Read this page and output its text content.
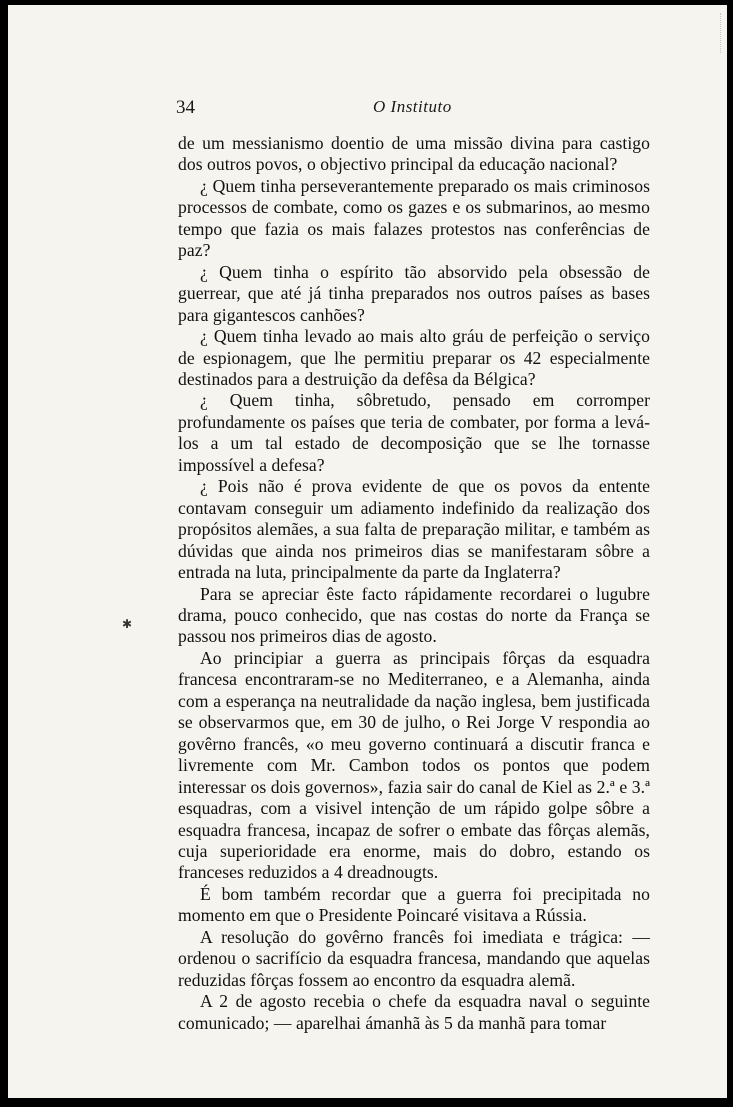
34	O Instituto
✱

de um messianismo doentio de uma missão divina para castigo dos outros povos, o objectivo principal da educação nacional?

¿ Quem tinha perseverantemente preparado os mais criminosos processos de combate, como os gazes e os submarinos, ao mesmo tempo que fazia os mais falazes protestos nas conferências de paz?

¿ Quem tinha o espírito tão absorvido pela obsessão de guerrear, que até já tinha preparados nos outros países as bases para gigantescos canhões?

¿ Quem tinha levado ao mais alto gráu de perfeição o serviço de espionagem, que lhe permitiu preparar os 42 especialmente destinados para a destruição da defêsa da Bélgica?

¿ Quem tinha, sôbretudo, pensado em corromper profundamente os países que teria de combater, por forma a levá-los a um tal estado de decomposição que se lhe tornasse impossível a defesa?

¿ Pois não é prova evidente de que os povos da entente contavam conseguir um adiamento indefinido da realização dos propósitos alemães, a sua falta de preparação militar, e também as dúvidas que ainda nos primeiros dias se manifestaram sôbre a entrada na luta, principalmente da parte da Inglaterra?

Para se apreciar êste facto rápidamente recordarei o lugubre drama, pouco conhecido, que nas costas do norte da França se passou nos primeiros dias de agosto.

Ao principiar a guerra as principais fôrças da esquadra francesa encontraram-se no Mediterraneo, e a Alemanha, ainda com a esperança na neutralidade da nação inglesa, bem justificada se observarmos que, em 30 de julho, o Rei Jorge V respondia ao govêrno francês, «o meu governo continuará a discutir franca e livremente com Mr. Cambon todos os pontos que podem interessar os dois governos», fazia sair do canal de Kiel as 2.ª e 3.ª esquadras, com a visivel intenção de um rápido golpe sôbre a esquadra francesa, incapaz de sofrer o embate das fôrças alemãs, cuja superioridade era enorme, mais do dobro, estando os franceses reduzidos a 4 dreadnougts.

É bom também recordar que a guerra foi precipitada no momento em que o Presidente Poincaré visitava a Rússia.

A resolução do govêrno francês foi imediata e trágica: — ordenou o sacrifício da esquadra francesa, mandando que aquelas reduzidas fôrças fossem ao encontro da esquadra alemã.

A 2 de agosto recebia o chefe da esquadra naval o seguinte comunicado; — aparelhai ámanhã às 5 da manhã para tomar
